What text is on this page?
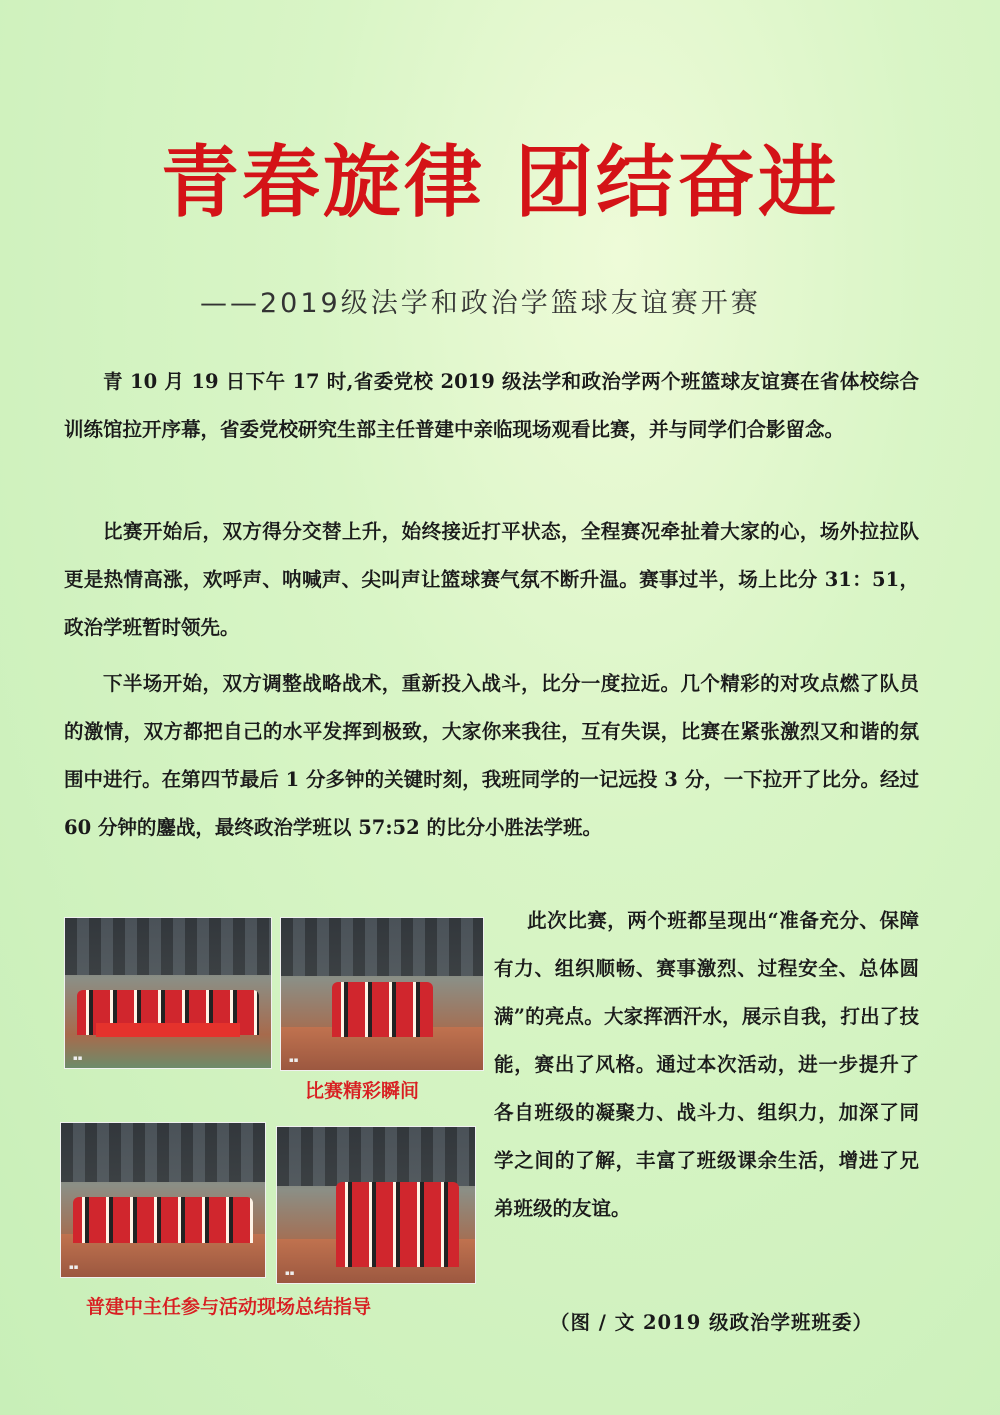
青春旋律 团结奋进

——2019级法学和政治学篮球友谊赛开赛

青 10 月 19 日下午 17 时,省委党校 2019 级法学和政治学两个班篮球友谊赛在省体校综合训练馆拉开序幕，省委党校研究生部主任普建中亲临现场观看比赛，并与同学们合影留念。

比赛开始后，双方得分交替上升，始终接近打平状态，全程赛况牵扯着大家的心，场外拉拉队更是热情高涨，欢呼声、呐喊声、尖叫声让篮球赛气氛不断升温。赛事过半，场上比分 31：51，政治学班暂时领先。

下半场开始，双方调整战略战术，重新投入战斗，比分一度拉近。几个精彩的对攻点燃了队员的激情，双方都把自己的水平发挥到极致，大家你来我往，互有失误，比赛在紧张激烈又和谐的氛围中进行。在第四节最后 1 分多钟的关键时刻，我班同学的一记远投 3 分，一下拉开了比分。经过 60 分钟的鏖战，最终政治学班以 57:52 的比分小胜法学班。

▪▪	▪▪

比赛精彩瞬间

▪▪
▪▪

普建中主任参与活动现场总结指导

此次比赛，两个班都呈现出“准备充分、保障有力、组织顺畅、赛事激烈、过程安全、总体圆满”的亮点。大家挥洒汗水，展示自我，打出了技能，赛出了风格。通过本次活动，进一步提升了各自班级的凝聚力、战斗力、组织力，加深了同学之间的了解，丰富了班级课余生活，增进了兄弟班级的友谊。

（图 / 文 2019 级政治学班班委）
